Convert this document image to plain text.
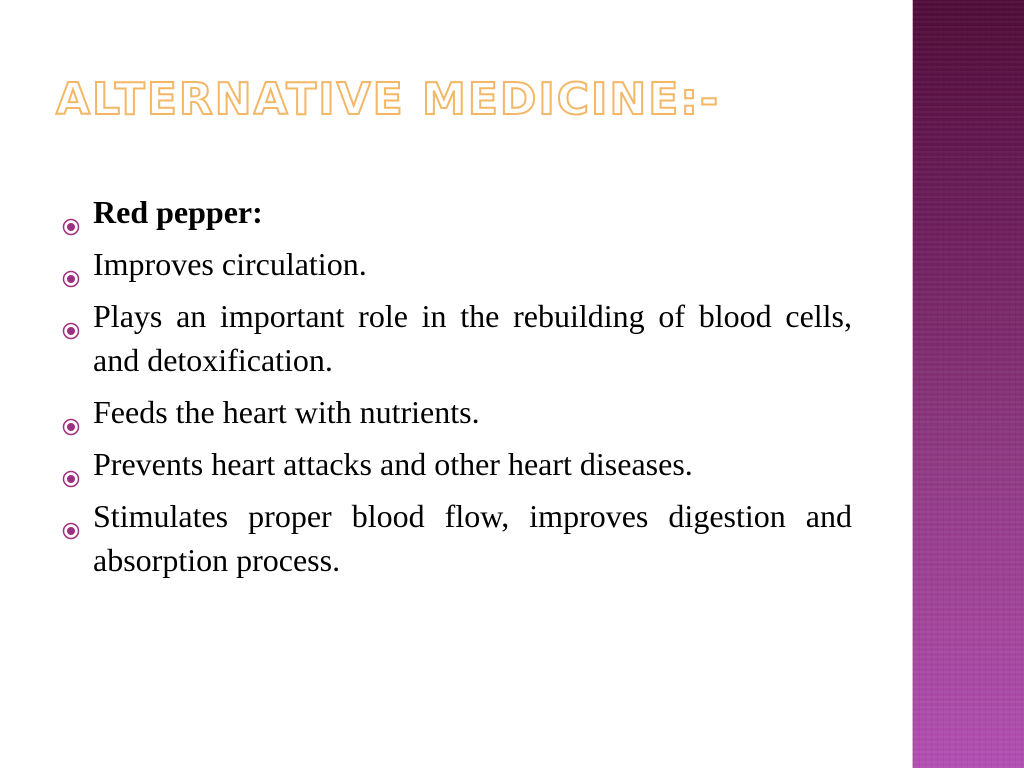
ALTERNATIVE MEDICINE:-
Red pepper:
Improves circulation.
Plays an important role in the rebuilding of blood cells, and detoxification.
Feeds the heart with nutrients.
Prevents heart attacks and other heart diseases.
Stimulates proper blood flow, improves digestion and absorption process.
